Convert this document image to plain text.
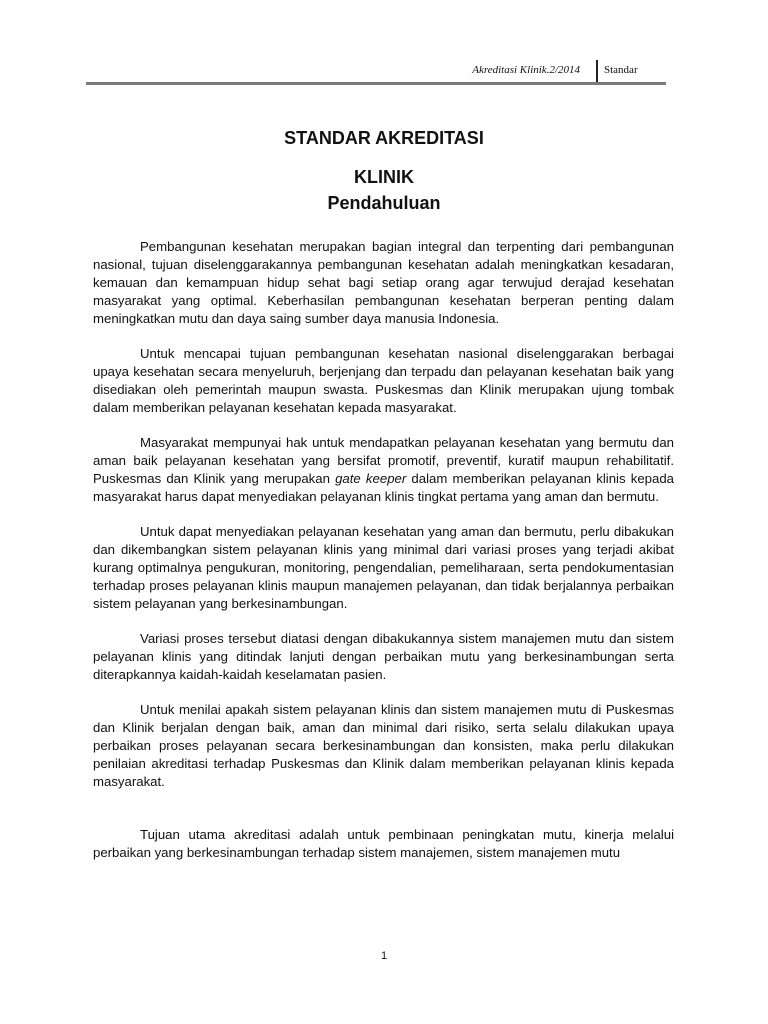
Akreditasi Klinik.2/2014 Standar
STANDAR AKREDITASI
KLINIK
Pendahuluan

Pembangunan kesehatan merupakan bagian integral dan terpenting dari pembangunan nasional, tujuan diselenggarakannya pembangunan kesehatan adalah meningkatkan kesadaran, kemauan dan kemampuan hidup sehat bagi setiap orang agar terwujud derajad kesehatan masyarakat yang optimal. Keberhasilan pembangunan kesehatan berperan penting dalam meningkatkan mutu dan daya saing sumber daya manusia Indonesia.

Untuk mencapai tujuan pembangunan kesehatan nasional diselenggarakan berbagai upaya kesehatan secara menyeluruh, berjenjang dan terpadu dan pelayanan kesehatan baik yang disediakan oleh pemerintah maupun swasta. Puskesmas dan Klinik merupakan ujung tombak dalam memberikan pelayanan kesehatan kepada masyarakat.

Masyarakat mempunyai hak untuk mendapatkan pelayanan kesehatan yang bermutu dan aman baik pelayanan kesehatan yang bersifat promotif, preventif, kuratif maupun rehabilitatif. Puskesmas dan Klinik yang merupakan gate keeper dalam memberikan pelayanan klinis kepada masyarakat harus dapat menyediakan pelayanan klinis tingkat pertama yang aman dan bermutu.

Untuk dapat menyediakan pelayanan kesehatan yang aman dan bermutu, perlu dibakukan dan dikembangkan sistem pelayanan klinis yang minimal dari variasi proses yang terjadi akibat kurang optimalnya pengukuran, monitoring, pengendalian, pemeliharaan, serta pendokumentasian terhadap proses pelayanan klinis maupun manajemen pelayanan, dan tidak berjalannya perbaikan sistem pelayanan yang berkesinambungan.

Variasi proses tersebut diatasi dengan dibakukannya sistem manajemen mutu dan sistem pelayanan klinis yang ditindak lanjuti dengan perbaikan mutu yang berkesinambungan serta diterapkannya kaidah-kaidah keselamatan pasien.

Untuk menilai apakah sistem pelayanan klinis dan sistem manajemen mutu di Puskesmas dan Klinik berjalan dengan baik, aman dan minimal dari risiko, serta selalu dilakukan upaya perbaikan proses pelayanan secara berkesinambungan dan konsisten, maka perlu dilakukan penilaian akreditasi terhadap Puskesmas dan Klinik dalam memberikan pelayanan klinis kepada masyarakat.

Tujuan utama akreditasi adalah untuk pembinaan peningkatan mutu, kinerja melalui perbaikan yang berkesinambungan terhadap sistem manajemen, sistem manajemen mutu

1
